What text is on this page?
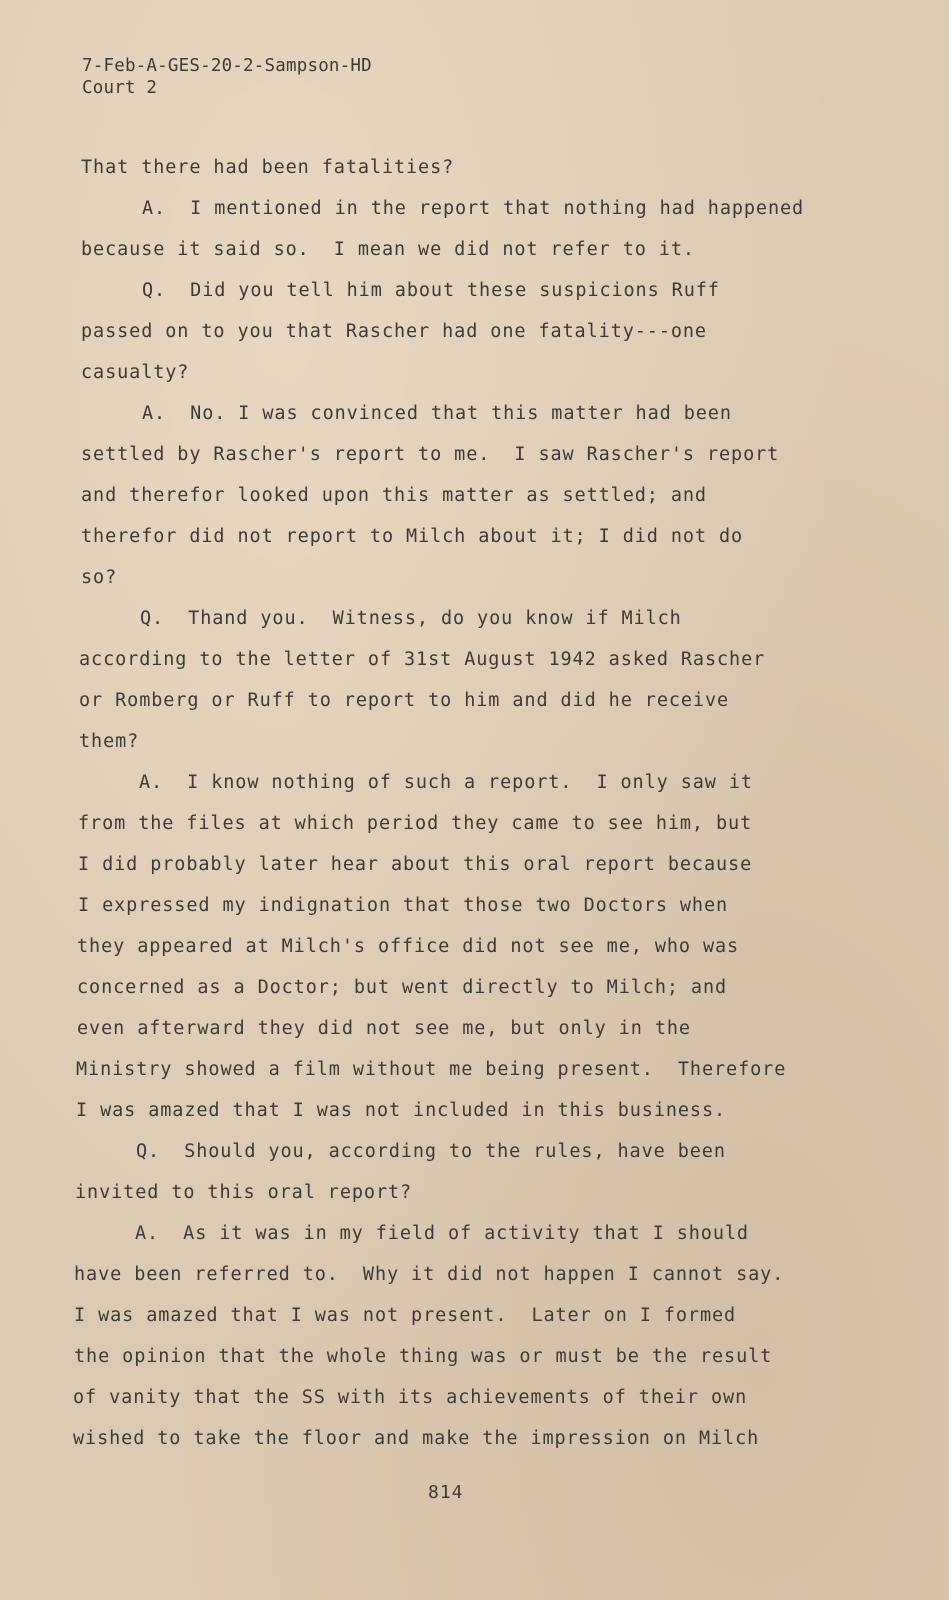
7-Feb-A-GES-20-2-Sampson-HD
Court 2
That there had been fatalities?
A.  I mentioned in the report that nothing had happened
because it said so.  I mean we did not refer to it.
Q.  Did you tell him about these suspicions Ruff
passed on to you that Rascher had one fatality---one
casualty?
A.  No. I was convinced that this matter had been
settled by Rascher's report to me.  I saw Rascher's report
and therefor looked upon this matter as settled; and
therefor did not report to Milch about it; I did not do
so?
Q.  Thand you.  Witness, do you know if Milch
according to the letter of 31st August 1942 asked Rascher
or Romberg or Ruff to report to him and did he receive
them?
A.  I know nothing of such a report.  I only saw it
from the files at which period they came to see him, but
I did probably later hear about this oral report because
I expressed my indignation that those two Doctors when
they appeared at Milch's office did not see me, who was
concerned as a Doctor; but went directly to Milch; and
even afterward they did not see me, but only in the
Ministry showed a film without me being present.  Therefore
I was amazed that I was not included in this business.
Q.  Should you, according to the rules, have been
invited to this oral report?
A.  As it was in my field of activity that I should
have been referred to.  Why it did not happen I cannot say.
I was amazed that I was not present.  Later on I formed
the opinion that the whole thing was or must be the result
of vanity that the SS with its achievements of their own
wished to take the floor and make the impression on Milch
814
